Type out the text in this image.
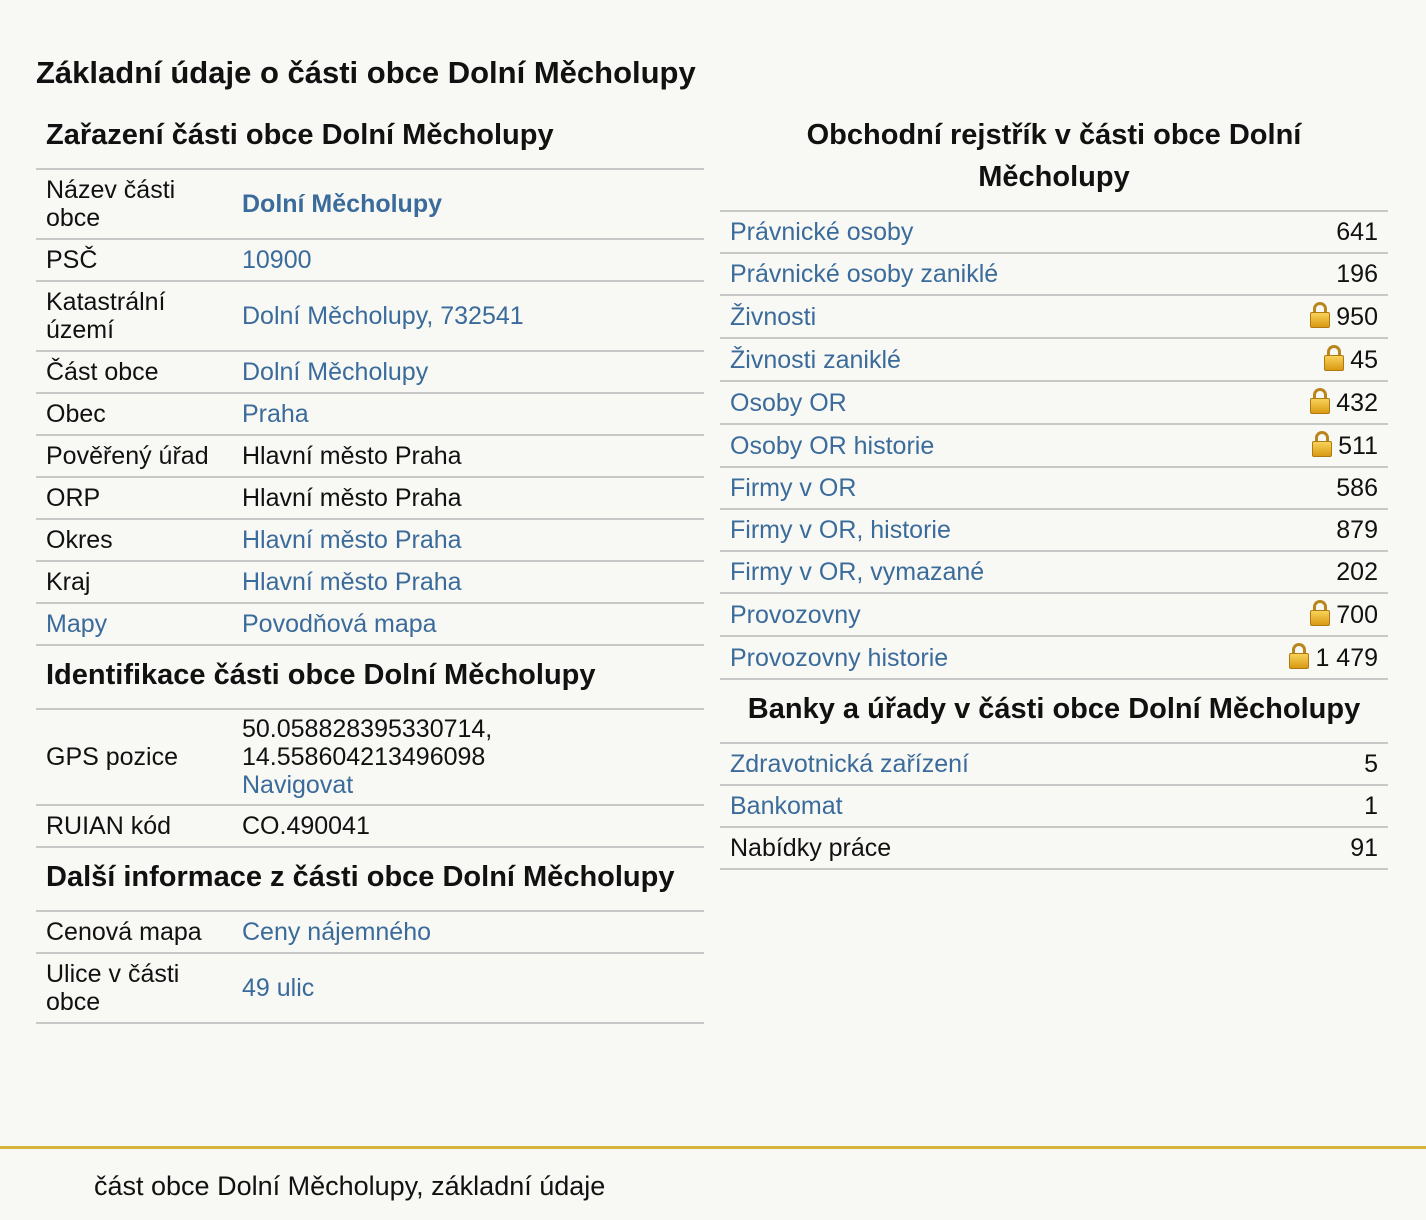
Základní údaje o části obce Dolní Měcholupy
Zařazení části obce Dolní Měcholupy
Název části obce	Dolní Měcholupy
PSČ	10900
Katastrální území	Dolní Měcholupy, 732541
Část obce	Dolní Měcholupy
Obec	Praha
Pověřený úřad	Hlavní město Praha
ORP	Hlavní město Praha
Okres	Hlavní město Praha
Kraj	Hlavní město Praha
Mapy	Povodňová mapa
Identifikace části obce Dolní Měcholupy
GPS pozice	50.058828395330714,
14.558604213496098
Navigovat
RUIAN kód	CO.490041
Další informace z části obce Dolní Měcholupy
Cenová mapa	Ceny nájemného
Ulice v části obce	49 ulic
Obchodní rejstřík v části obce Dolní Měcholupy
Právnické osoby	641
Právnické osoby zaniklé	196
Živnosti	950
Živnosti zaniklé	45
Osoby OR	432
Osoby OR historie	511
Firmy v OR	586
Firmy v OR, historie	879
Firmy v OR, vymazané	202
Provozovny	700
Provozovny historie	1 479
Banky a úřady v části obce Dolní Měcholupy
Zdravotnická zařízení	5
Bankomat	1
Nabídky práce	91
část obce Dolní Měcholupy, základní údaje
